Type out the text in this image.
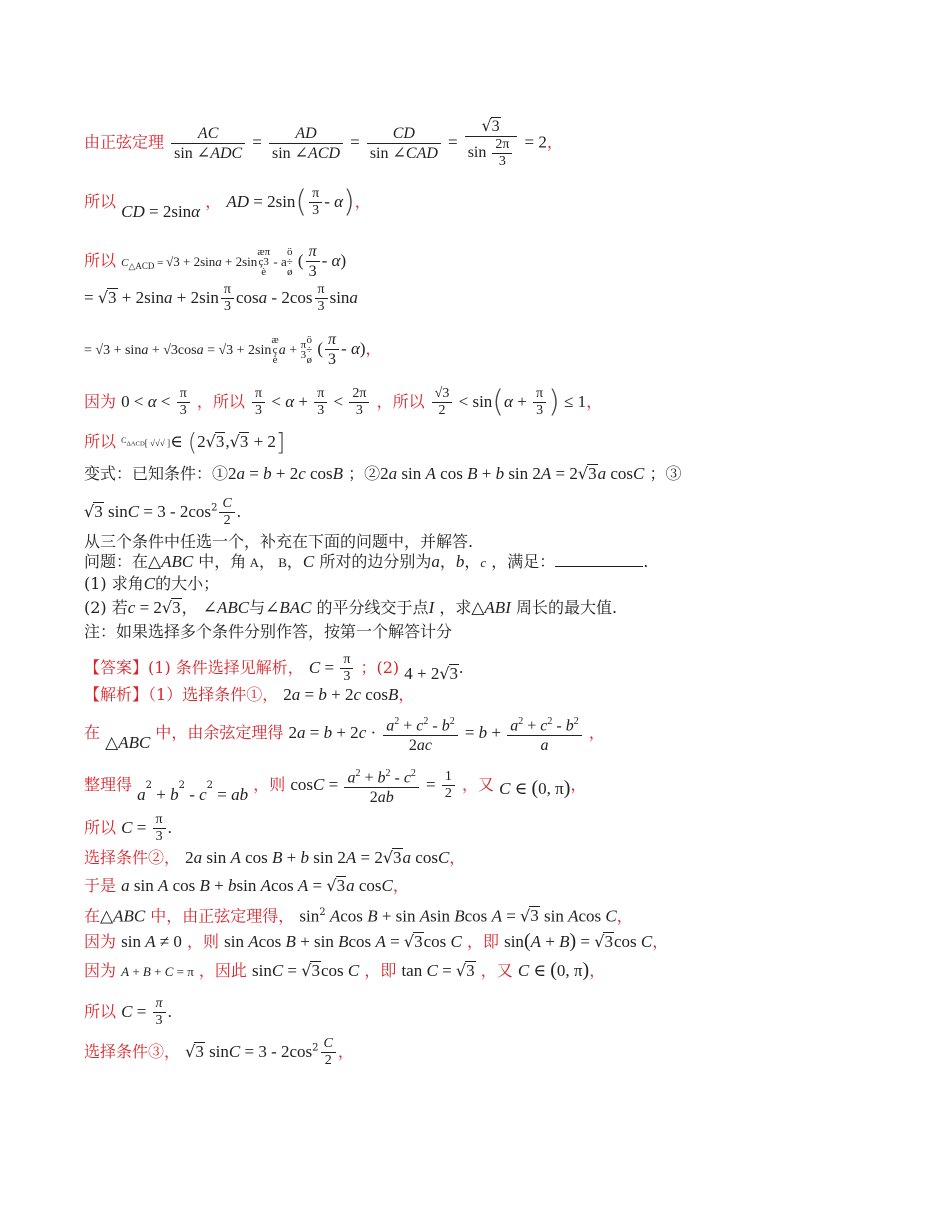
由正弦定理 $\frac{AC}{\text{sin ∠ADC}} = \frac{AD}{\text{sin ∠ACD}} = \frac{CD}{\text{sin ∠CAD}} = \frac{√3}{\sin \frac{2\pi}{3}} = 2$，
所以 CD = 2sinα ， AD = $2\sin( \frac{\pi}{3} - \alpha)$，
所以 $C_{\triangle ACD} = √3 + 2\sin a$ + 2sinæπ
ç3
è - aö
÷
ø ( $\frac{\pi}{3} - \alpha$)
= $√3 + 2\sin a + 2\sin \frac{\pi}{3}$ cosa - $2\cos \frac{\pi}{3}$ sina
= √3 + sina + √3cosa = √3 + 2sinæ
ç
èa + π
3ö
÷
ø ( $\frac{\pi}{3} - \alpha$)，
因为 $0 < \alpha < \frac{\pi}{3}$ ，所以 $\frac{\pi}{3} < \alpha + \frac{\pi}{3} < \frac{2\pi}{3}$ ，所以 $\frac{√3}{2} < \sin(\alpha + \frac{\pi}{3}$ ) ≤ 1，
所以 $C_{\Delta ACD}$[ √√√ ]∈ (2√3,√3 + 2]
变式：已知条件：①2a = b + 2c cosB ；②2a sin A cos B + b sin 2A = 2√3a cosC ；③
√3 $\sin C = 3 - 2\cos^2 \frac{C}{2}$ .
从三个条件中任选一个，补充在下面的问题中，并解答.
问题：在△ABC 中，角 A， B，C 所对的边分别为a，b，c ，满足：	.
(1) 求角C的大小；
(2) 若c = 2√3， ∠ABC与∠BAC 的平分线交于点I ，求△ABI 周长的最大值.
注：如果选择多个条件分别作答，按第一个解答计分
【答案】(1) 条件选择见解析， $C = \frac{\pi}{3}$ ；(2) 4 + 2√3.
【解析】（1）选择条件①， 2a = b + 2c cosB，
在 △ABC 中，由余弦定理得 $2a = b + 2c \cdot \frac{a^2 + c^2 - b^2}{2ac} = b + \frac{a^2 + c^2 - b^2}{a}$ ，
整理得 $a^2 + b^2 - c^2$ = ab ，则 $\cos C = \frac{a^2 + b^2 - c^2}{2ab} = \frac{1}{2}$ ，又 C ∈ (0, π)，
所以 $C = \frac{\pi}{3}$ .
选择条件②， 2a sin A cos B + b sin 2A = 2√3a cosC，
于是 a sin A cos B + bsin Acos A = √3a cosC，
在△ABC 中，由正弦定理得， $\sin^2 Acos$ B + sin Asin Bcos A = √3 sin Acos C，
因为 sin A ≠ 0 ，则 sin Acos B + sin Bcos A = √3cos C ，即 sin(A + B) = √3cos C，
因为 A + B + C = π ，因此 sinC = √3cos C ，即 tan C = √3 ，又 C ∈ (0, π)，
所以 $C = \frac{\pi}{3}$ .
选择条件③， √3 $\sin C = 3 - 2\cos^2 \frac{C}{2}$ ，
